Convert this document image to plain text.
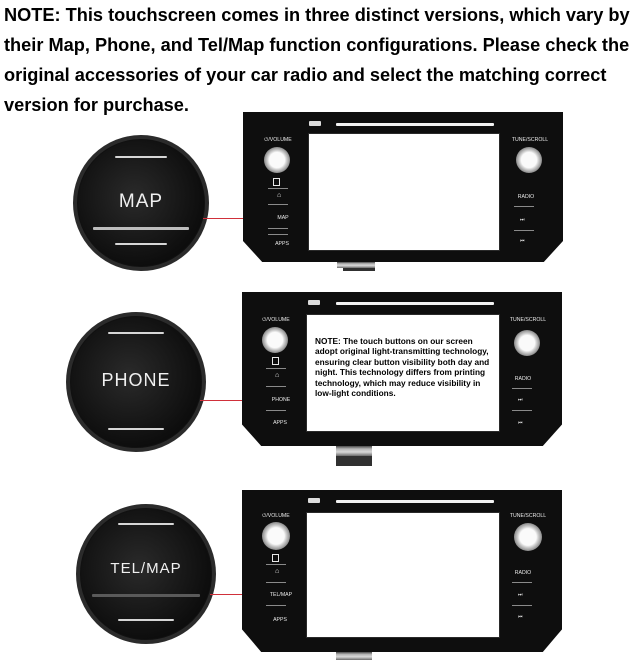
NOTE: This touchscreen comes in three distinct versions, which vary by their Map, Phone, and Tel/Map function configurations. Please check the original accessories of your car radio and select the matching correct version for purchase.
MAP
⏻/VOLUME
⌂
MAP
APPS
TUNE/SCROLL
RADIO
⏭
⏮
PHONE
NOTE: The touch buttons on our screen adopt original light-transmitting technology, ensuring clear button visibility both day and night. This technology differs from printing technology, which may reduce visibility in low-light conditions.
⏻/VOLUME
⌂
PHONE
APPS
TUNE/SCROLL
RADIO
⏭
⏮
TEL/MAP
⏻/VOLUME
⌂
TEL/MAP
APPS
TUNE/SCROLL
RADIO
⏭
⏮
